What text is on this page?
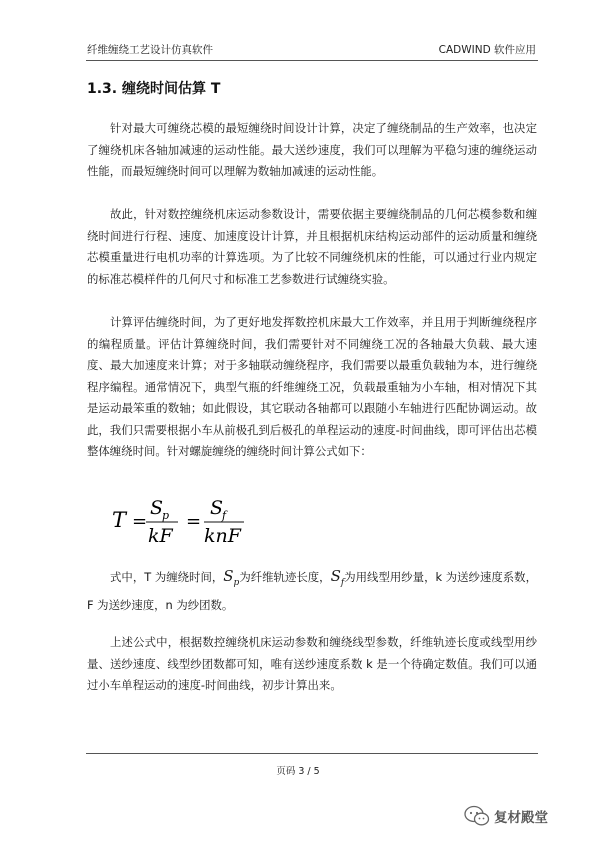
纤维缠绕工艺设计仿真软件	CADWIND 软件应用
1.3. 缠绕时间估算 T

针对最大可缠绕芯模的最短缠绕时间设计计算，决定了缠绕制品的生产效率，也决定了缠绕机床各轴加减速的运动性能。最大送纱速度，我们可以理解为平稳匀速的缠绕运动性能，而最短缠绕时间可以理解为数轴加减速的运动性能。

故此，针对数控缠绕机床运动参数设计，需要依据主要缠绕制品的几何芯模参数和缠绕时间进行行程、速度、加速度设计计算，并且根据机床结构运动部件的运动质量和缠绕芯模重量进行电机功率的计算选项。为了比较不同缠绕机床的性能，可以通过行业内规定的标准芯模样件的几何尺寸和标准工艺参数进行试缠绕实验。

计算评估缠绕时间，为了更好地发挥数控机床最大工作效率，并且用于判断缠绕程序的编程质量。评估计算缠绕时间，我们需要针对不同缠绕工况的各轴最大负载、最大速度、最大加速度来计算；对于多轴联动缠绕程序，我们需要以最重负载轴为本，进行缠绕程序编程。通常情况下，典型气瓶的纤维缠绕工况，负载最重轴为小车轴，相对情况下其是运动最笨重的数轴；如此假设，其它联动各轴都可以跟随小车轴进行匹配协调运动。故此，我们只需要根据小车从前极孔到后极孔的单程运动的速度-时间曲线，即可评估出芯模整体缠绕时间。针对螺旋缠绕的缠绕时间计算公式如下：

T =
S
p
kF
=
S
f
knF

式中，T 为缠绕时间，$S_p$为纤维轨迹长度，$S_f$为用线型用纱量，k 为送纱速度系数，F 为送纱速度，n 为纱团数。

上述公式中，根据数控缠绕机床运动参数和缠绕线型参数，纤维轨迹长度或线型用纱量、送纱速度、线型纱团数都可知，唯有送纱速度系数 k 是一个待确定数值。我们可以通过小车单程运动的速度-时间曲线，初步计算出来。

页码 3 / 5
复材殿堂
